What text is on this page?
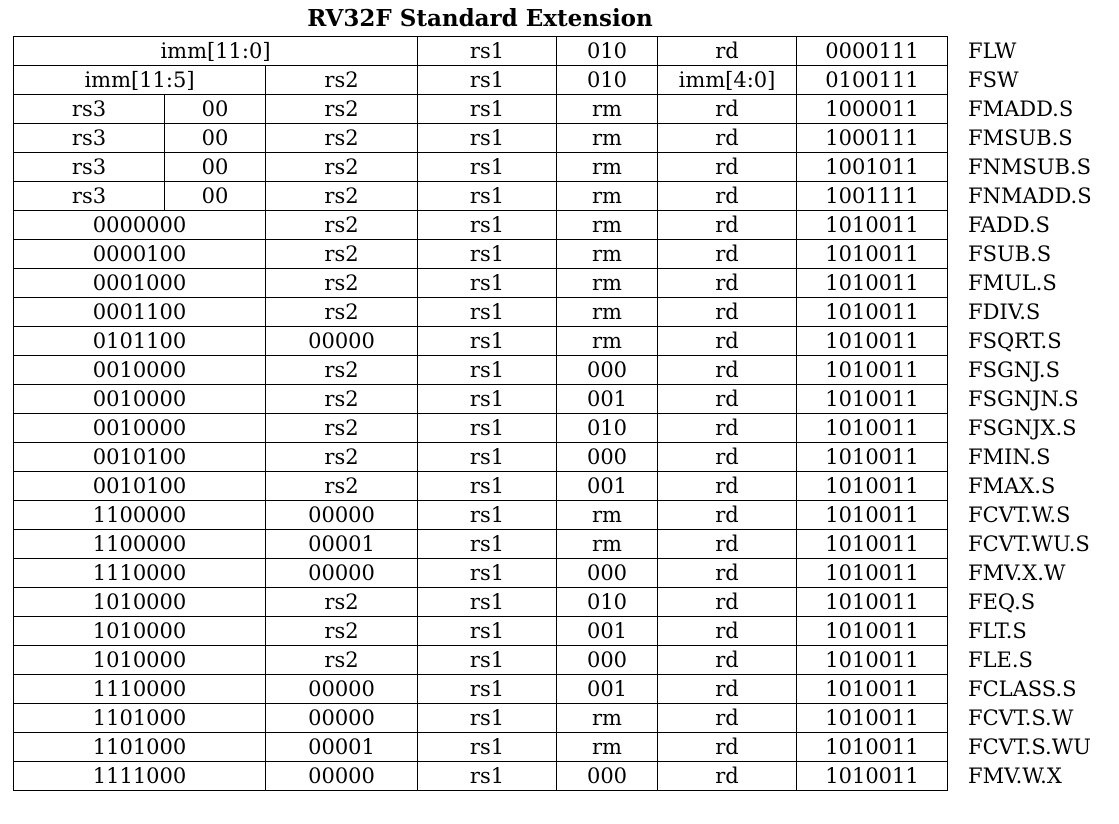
RV32F Standard Extension
imm[11:0]			rs1	010	rd	0000111	FLW
imm[11:5]		rs2	rs1	010	imm[4:0]	0100111	FSW
rs3	00	rs2	rs1	rm	rd	1000011	FMADD.S
rs3	00	rs2	rs1	rm	rd	1000111	FMSUB.S
rs3	00	rs2	rs1	rm	rd	1001011	FNMSUB.S
rs3	00	rs2	rs1	rm	rd	1001111	FNMADD.S
0000000		rs2	rs1	rm	rd	1010011	FADD.S
0000100		rs2	rs1	rm	rd	1010011	FSUB.S
0001000		rs2	rs1	rm	rd	1010011	FMUL.S
0001100		rs2	rs1	rm	rd	1010011	FDIV.S
0101100		00000	rs1	rm	rd	1010011	FSQRT.S
0010000		rs2	rs1	000	rd	1010011	FSGNJ.S
0010000		rs2	rs1	001	rd	1010011	FSGNJN.S
0010000		rs2	rs1	010	rd	1010011	FSGNJX.S
0010100		rs2	rs1	000	rd	1010011	FMIN.S
0010100		rs2	rs1	001	rd	1010011	FMAX.S
1100000		00000	rs1	rm	rd	1010011	FCVT.W.S
1100000		00001	rs1	rm	rd	1010011	FCVT.WU.S
1110000		00000	rs1	000	rd	1010011	FMV.X.W
1010000		rs2	rs1	010	rd	1010011	FEQ.S
1010000		rs2	rs1	001	rd	1010011	FLT.S
1010000		rs2	rs1	000	rd	1010011	FLE.S
1110000		00000	rs1	001	rd	1010011	FCLASS.S
1101000		00000	rs1	rm	rd	1010011	FCVT.S.W
1101000		00001	rs1	rm	rd	1010011	FCVT.S.WU
1111000		00000	rs1	000	rd	1010011	FMV.W.X
